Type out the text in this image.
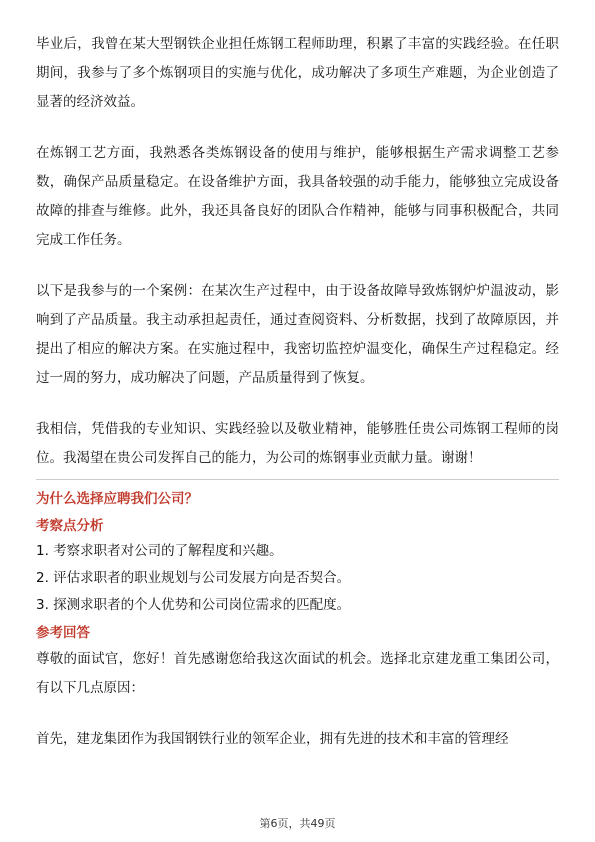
毕业后，我曾在某大型钢铁企业担任炼钢工程师助理，积累了丰富的实践经验。在任职期间，我参与了多个炼钢项目的实施与优化，成功解决了多项生产难题，为企业创造了显著的经济效益。

在炼钢工艺方面，我熟悉各类炼钢设备的使用与维护，能够根据生产需求调整工艺参数，确保产品质量稳定。在设备维护方面，我具备较强的动手能力，能够独立完成设备故障的排查与维修。此外，我还具备良好的团队合作精神，能够与同事积极配合，共同完成工作任务。

以下是我参与的一个案例：在某次生产过程中，由于设备故障导致炼钢炉炉温波动，影响到了产品质量。我主动承担起责任，通过查阅资料、分析数据，找到了故障原因，并提出了相应的解决方案。在实施过程中，我密切监控炉温变化，确保生产过程稳定。经过一周的努力，成功解决了问题，产品质量得到了恢复。

我相信，凭借我的专业知识、实践经验以及敬业精神，能够胜任贵公司炼钢工程师的岗位。我渴望在贵公司发挥自己的能力，为公司的炼钢事业贡献力量。谢谢！

为什么选择应聘我们公司？

考察点分析

1. 考察求职者对公司的了解程度和兴趣。

2. 评估求职者的职业规划与公司发展方向是否契合。

3. 探测求职者的个人优势和公司岗位需求的匹配度。

参考回答

尊敬的面试官，您好！首先感谢您给我这次面试的机会。选择北京建龙重工集团公司，有以下几点原因：

首先，建龙集团作为我国钢铁行业的领军企业，拥有先进的技术和丰富的管理经

第6页，共49页
